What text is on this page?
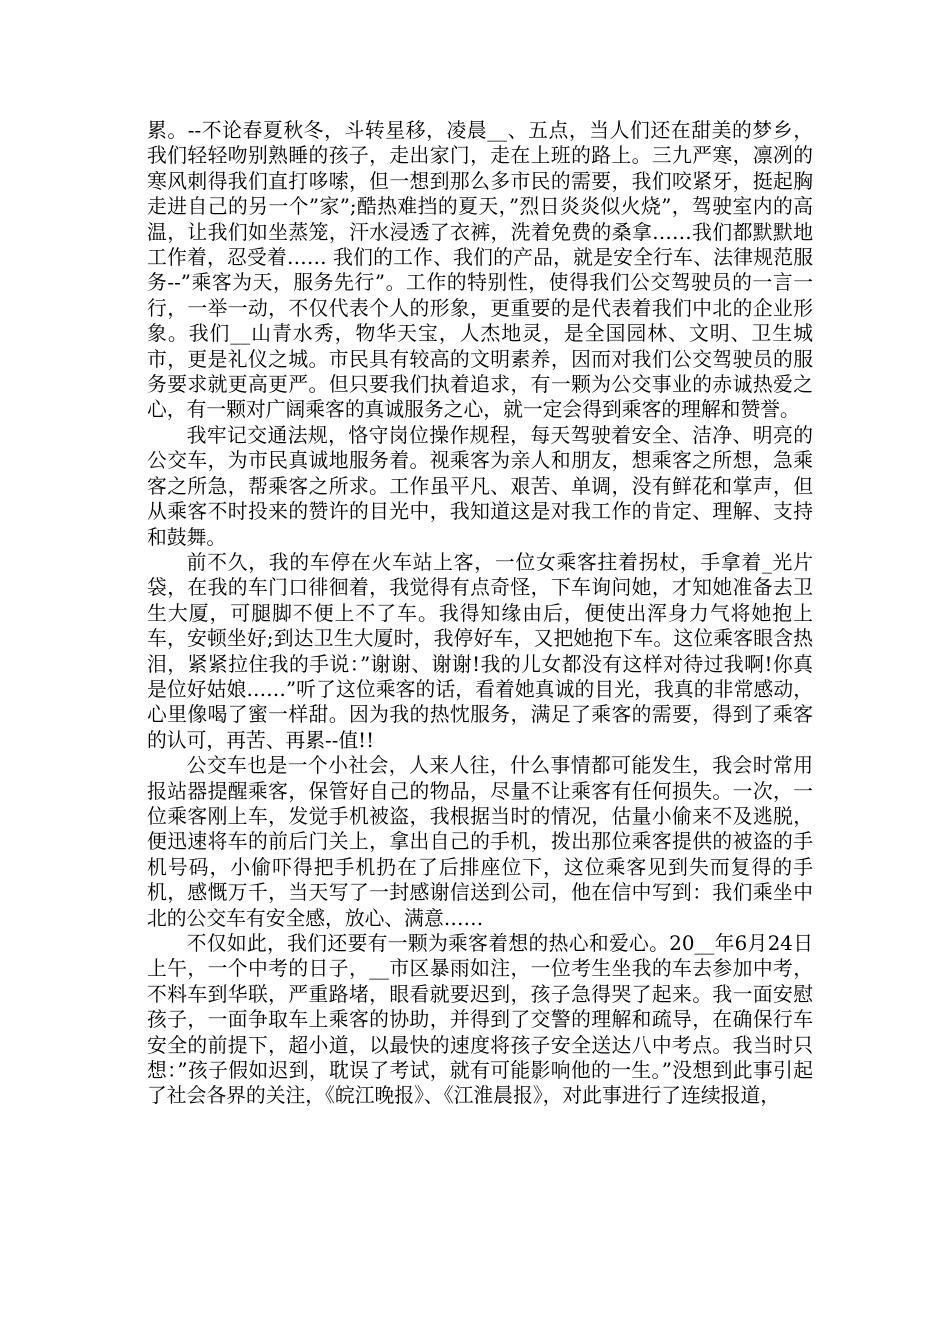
累。--不论春夏秋冬，斗转星移，凌晨__、五点，当人们还在甜美的梦乡，我们轻轻吻别熟睡的孩子，走出家门，走在上班的路上。三九严寒，凛冽的寒风刺得我们直打哆嗦，但一想到那么多市民的需要，我们咬紧牙，挺起胸走进自己的另一个”家”;酷热难挡的夏天，”烈日炎炎似火烧”，驾驶室内的高温，让我们如坐蒸笼，汗水浸透了衣裤，洗着免费的桑拿……我们都默默地工作着，忍受着…… 我们的工作、我们的产品，就是安全行车、法律规范服务--”乘客为天，服务先行”。工作的特别性，使得我们公交驾驶员的一言一行，一举一动，不仅代表个人的形象，更重要的是代表着我们中北的企业形象。我们__山青水秀，物华天宝，人杰地灵，是全国园林、文明、卫生城市，更是礼仪之城。市民具有较高的文明素养，因而对我们公交驾驶员的服务要求就更高更严。但只要我们执着追求，有一颗为公交事业的赤诚热爱之心，有一颗对广阔乘客的真诚服务之心，就一定会得到乘客的理解和赞誉。

我牢记交通法规，恪守岗位操作规程，每天驾驶着安全、洁净、明亮的公交车，为市民真诚地服务着。视乘客为亲人和朋友，想乘客之所想，急乘客之所急，帮乘客之所求。工作虽平凡、艰苦、单调，没有鲜花和掌声，但从乘客不时投来的赞许的目光中，我知道这是对我工作的肯定、理解、支持和鼓舞。

前不久，我的车停在火车站上客，一位女乘客拄着拐杖，手拿着_光片袋，在我的车门口徘徊着，我觉得有点奇怪，下车询问她，才知她准备去卫生大厦，可腿脚不便上不了车。我得知缘由后，便使出浑身力气将她抱上车，安顿坐好;到达卫生大厦时，我停好车，又把她抱下车。这位乘客眼含热泪，紧紧拉住我的手说：”谢谢、谢谢!我的儿女都没有这样对待过我啊!你真是位好姑娘……”听了这位乘客的话，看着她真诚的目光，我真的非常感动，心里像喝了蜜一样甜。因为我的热忱服务，满足了乘客的需要，得到了乘客的认可，再苦、再累--值!!

公交车也是一个小社会，人来人往，什么事情都可能发生，我会时常用报站器提醒乘客，保管好自己的物品，尽量不让乘客有任何损失。一次，一位乘客刚上车，发觉手机被盗，我根据当时的情况，估量小偷来不及逃脱，便迅速将车的前后门关上，拿出自己的手机，拨出那位乘客提供的被盗的手机号码，小偷吓得把手机扔在了后排座位下，这位乘客见到失而复得的手机，感慨万千，当天写了一封感谢信送到公司，他在信中写到：我们乘坐中北的公交车有安全感，放心、满意……

不仅如此，我们还要有一颗为乘客着想的热心和爱心。20__年6月24日上午，一个中考的日子，__市区暴雨如注，一位考生坐我的车去参加中考，不料车到华联，严重路堵，眼看就要迟到，孩子急得哭了起来。我一面安慰孩子，一面争取车上乘客的协助，并得到了交警的理解和疏导，在确保行车安全的前提下，超小道，以最快的速度将孩子安全送达八中考点。我当时只想：”孩子假如迟到，耽误了考试，就有可能影响他的一生。”没想到此事引起了社会各界的关注，《皖江晚报》、《江淮晨报》，对此事进行了连续报道，
